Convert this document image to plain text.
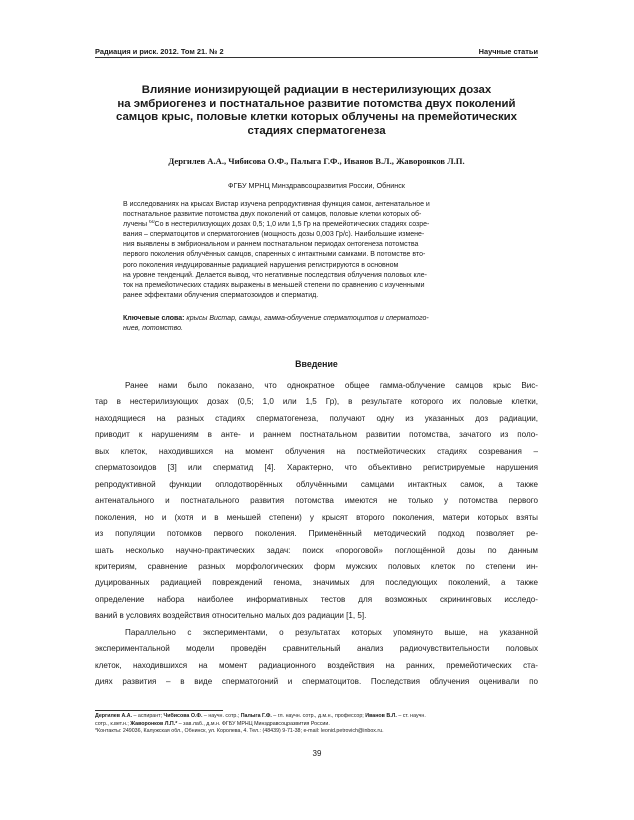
Радиация и риск. 2012. Том 21. № 2	Научные статьи
Влияние ионизирующей радиации в нестерилизующих дозах
на эмбриогенез и постнатальное развитие потомства двух поколений
самцов крыс, половые клетки которых облучены на премейотических
стадиях сперматогенеза
Дергилев А.А., Чибисова О.Ф., Палыга Г.Ф., Иванов В.Л., Жаворонков Л.П.
ФГБУ МРНЦ Минздравсоцразвития России, Обнинск
В исследованиях на крысах Вистар изучена репродуктивная функция самок, антенатальное и
постнатальное развитие потомства двух поколений от самцов, половые клетки которых об-
лучены $^{60}$Со в нестерилизующих дозах 0,5; 1,0 или 1,5 Гр на премейотических стадиях созре-
вания – сперматоцитов и сперматогониев (мощность дозы 0,003 Гр/с). Наибольшие измене-
ния выявлены в эмбриональном и раннем постнатальном периодах онтогенеза потомства
первого поколения облучённых самцов, спаренных с интактными самками. В потомстве вто-
рого поколения индуцированные радиацией нарушения регистрируются в основном
на уровне тенденций. Делается вывод, что негативные последствия облучения половых кле-
ток на премейотических стадиях выражены в меньшей степени по сравнению с изученными
ранее эффектами облучения сперматозоидов и сперматид.
Ключевые слова: крысы Вистар, самцы, гамма-облучение сперматоцитов и сперматого-
ниев, потомство.
Введение
Ранее нами было показано, что однократное общее гамма-облучение самцов крыс Вис-
тар в нестерилизующих дозах (0,5; 1,0 или 1,5 Гр), в результате которого их половые клетки,
находящиеся на разных стадиях сперматогенеза, получают одну из указанных доз радиации,
приводит к нарушениям в анте- и раннем постнатальном развитии потомства, зачатого из поло-
вых клеток, находившихся на момент облучения на постмейотических стадиях созревания –
сперматозоидов [3] или сперматид [4]. Характерно, что объективно регистрируемые нарушения
репродуктивной функции оплодотворённых облучёнными самцами интактных самок, а также
антенатального и постнатального развития потомства имеются не только у потомства первого
поколения, но и (хотя и в меньшей степени) у крысят второго поколения, матери которых взяты
из популяции потомков первого поколения. Применённый методический подход позволяет ре-
шать несколько научно-практических задач: поиск «пороговой» поглощённой дозы по данным
критериям, сравнение разных морфологических форм мужских половых клеток по степени ин-
дуцированных радиацией повреждений генома, значимых для последующих поколений, а также
определение набора наиболее информативных тестов для возможных скрининговых исследо-
ваний в условиях воздействия относительно малых доз радиации [1, 5].
Параллельно с экспериментами, о результатах которых упомянуто выше, на указанной
экспериментальной модели проведён сравнительный анализ радиочувствительности половых
клеток, находившихся на момент радиационного воздействия на ранних, премейотических ста-
диях развития – в виде сперматогоний и сперматоцитов. Последствия облучения оценивали по
Дергилев А.А. – аспирант; Чибисова О.Ф. – научн. сотр.; Палыга Г.Ф. – гл. научн. сотр., д.м.н., профессор; Иванов В.Л. – ст. научн.
сотр., к.вет.н.; Жаворонков Л.П.* – зав.лаб., д.м.н. ФГБУ МРНЦ Минздравсоцразвития России.
*Контакты: 249036, Калужская обл., Обнинск, ул. Королева, 4. Тел.: (48439) 9-71-38; e-mail: leonid.petrovich@inbox.ru.
39
